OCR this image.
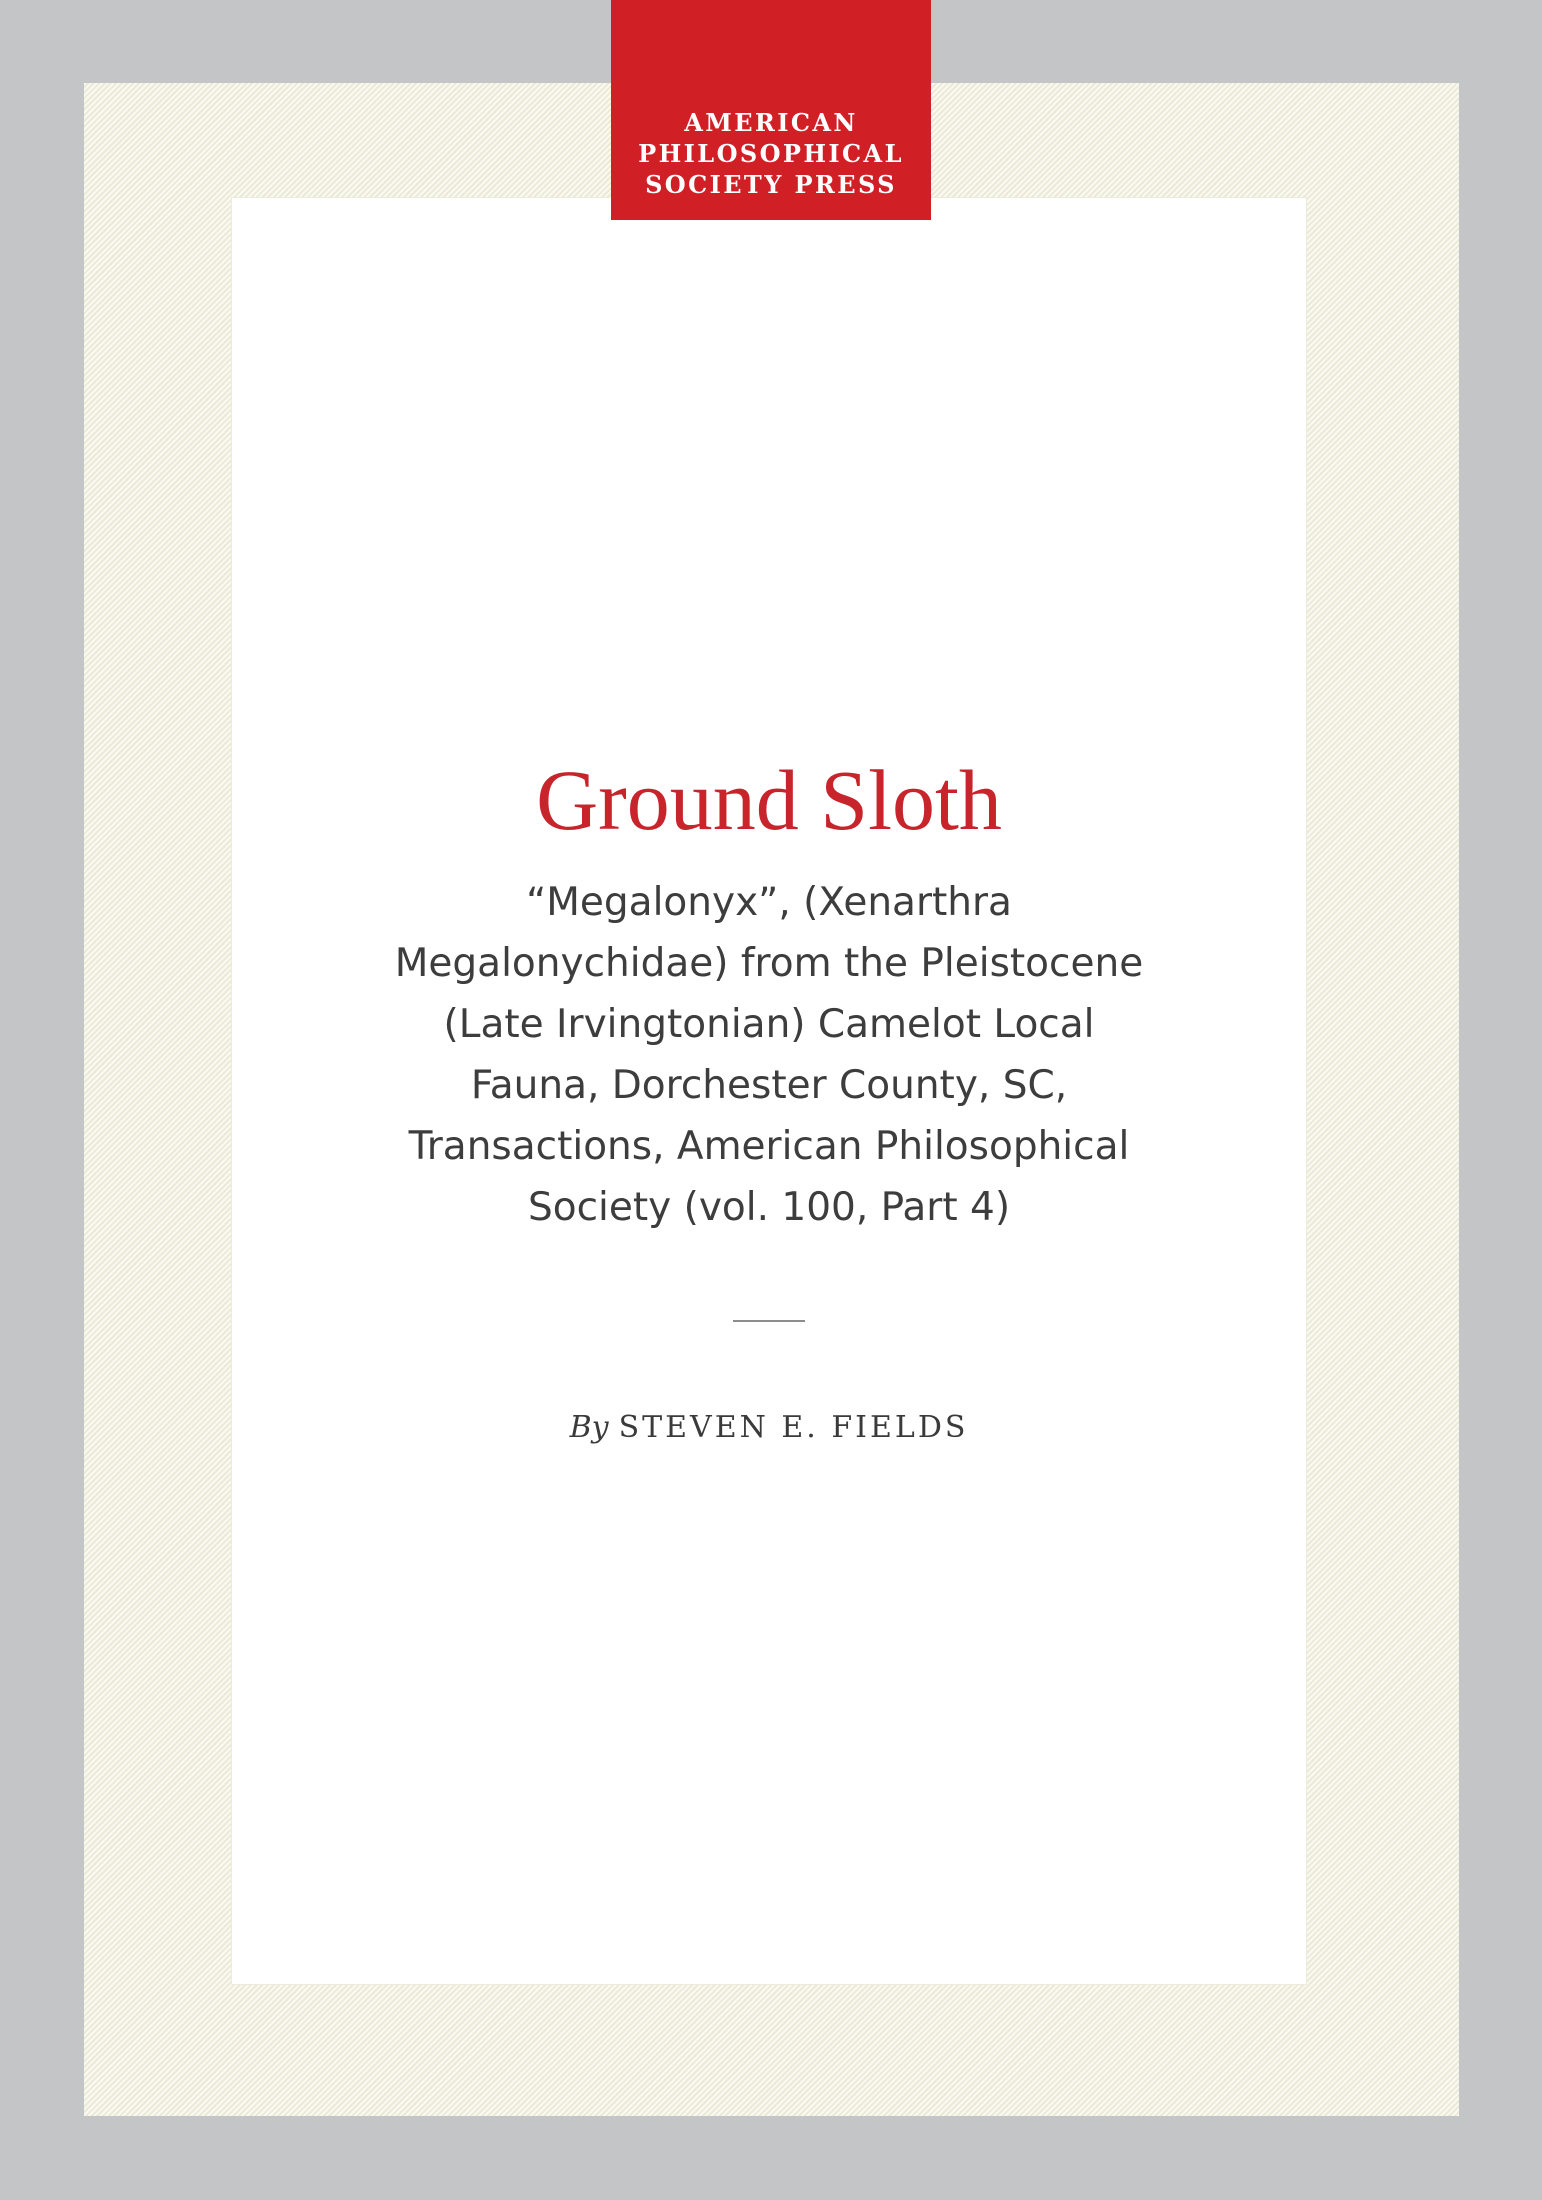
AMERICAN
PHILOSOPHICAL
SOCIETY PRESS
Ground Sloth
“Megalonyx”, (Xenarthra
Megalonychidae) from the Pleistocene
(Late Irvingtonian) Camelot Local
Fauna, Dorchester County, SC,
Transactions, American Philosophical
Society (vol. 100, Part 4)
By STEVEN E. FIELDS
